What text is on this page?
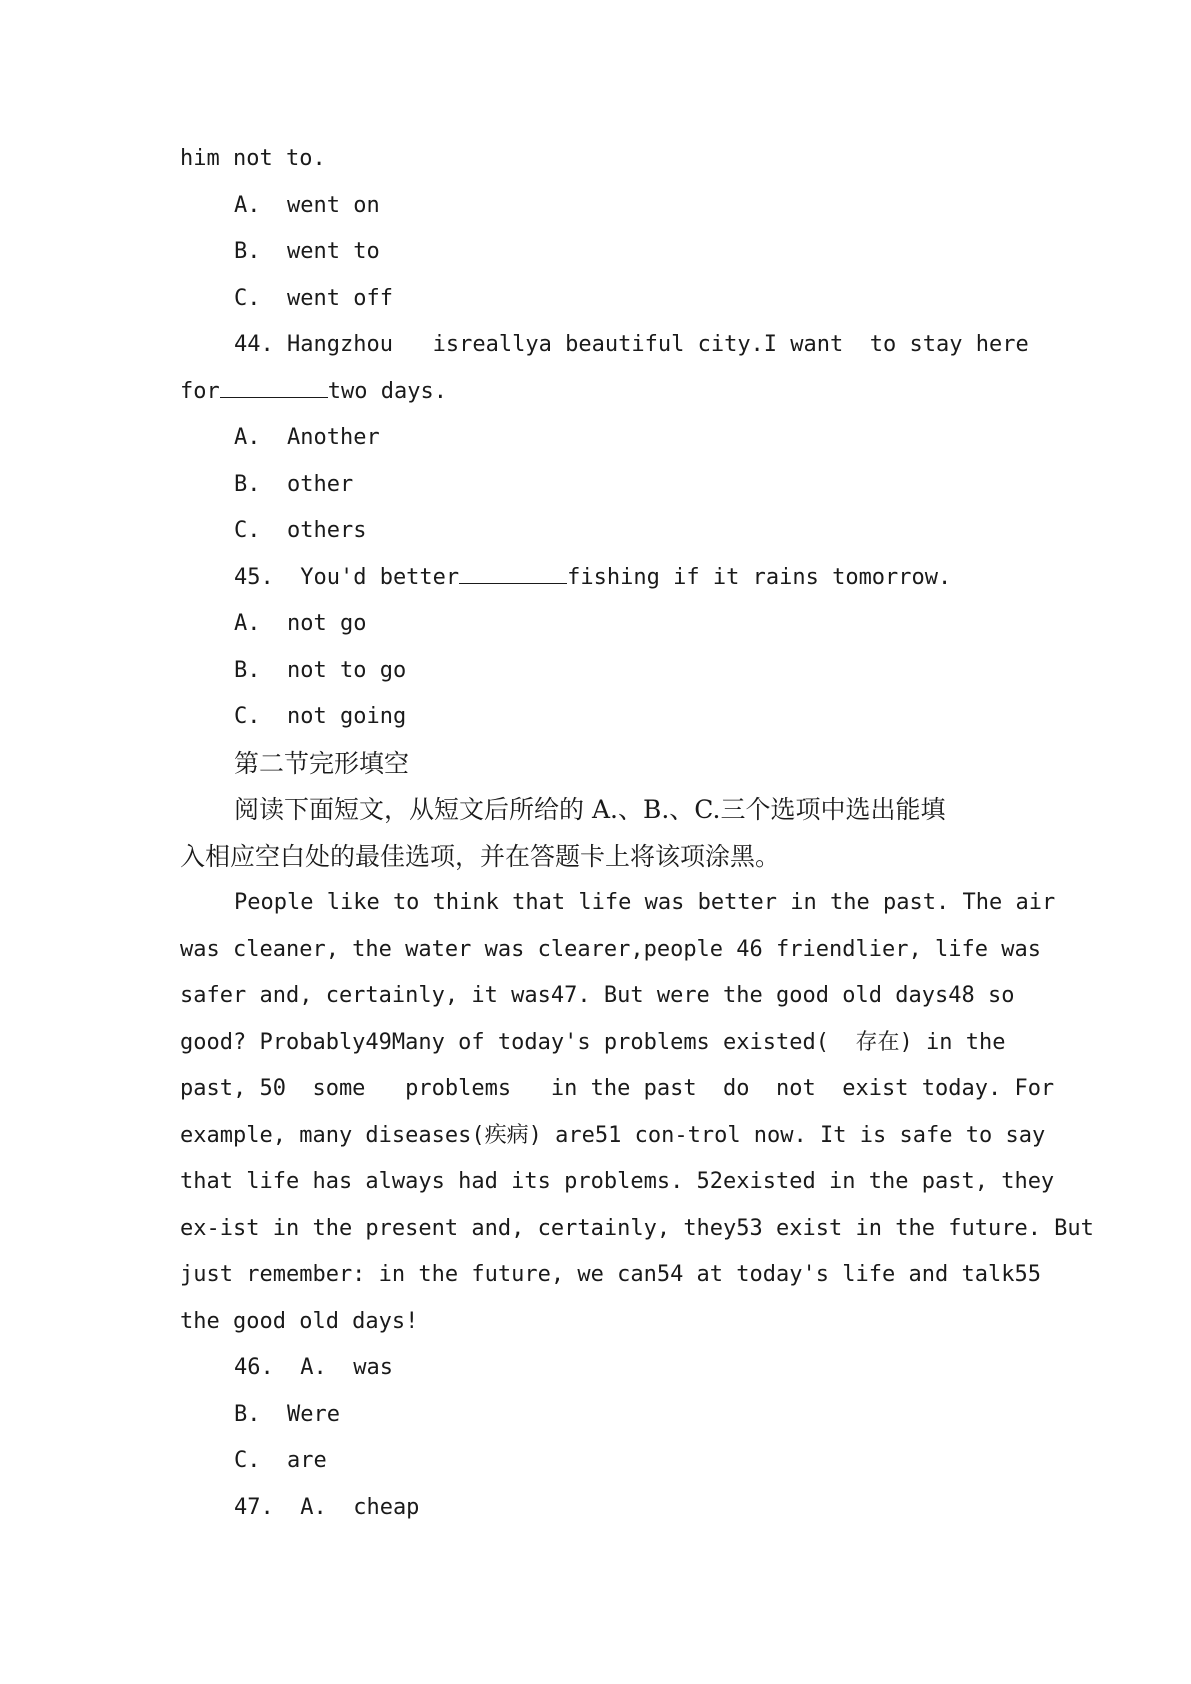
him not to.
A.  went on
B.  went to
C.  went off
44. Hangzhou   isreallya beautiful city.I want  to stay here
for	two days.
A.  Another
B.  other
C.  others
45.  You'd better	fishing if it rains tomorrow.
A.  not go
B.  not to go
C.  not going
第二节完形填空
阅读下面短文，从短文后所给的 A.、B.、C.三个选项中选出能填
入相应空白处的最佳选项，并在答题卡上将该项涂黑。
People like to think that life was better in the past. The air
was cleaner, the water was clearer,people 46 friendlier, life was
safer and, certainly, it was47. But were the good old days48 so
good? Probably49Many of today's problems existed(  存在) in the
past, 50  some   problems   in the past  do  not  exist today. For
example, many diseases(疾病) are51 con-trol now. It is safe to say
that life has always had its problems. 52existed in the past, they
ex-ist in the present and, certainly, they53 exist in the future. But
just remember: in the future, we can54 at today's life and talk55
the good old days!
46.  A.  was
B.  Were
C.  are
47.  A.  cheap
